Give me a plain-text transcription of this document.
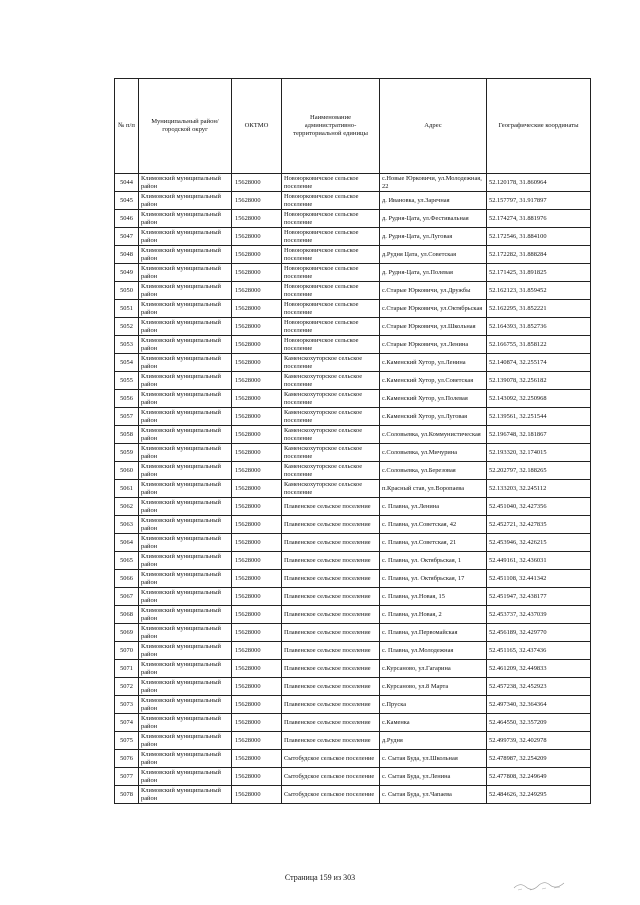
№ п/п	Муниципальный район/городской округ	ОКТМО	Наименование административно-территориальной единицы	Адрес	Географические координаты
5044	Климовский муниципальный район	15628000	Новоюрковичское сельское поселение	с.Новые Юрковичи, ул.Молодежная, 22	52.120178, 31.860964
5045	Климовский муниципальный район	15628000	Новоюрковичское сельское поселение	д. Ивановка, ул.Заречная	52.157797, 31.917897
5046	Климовский муниципальный район	15628000	Новоюрковичское сельское поселение	д. Рудня-Цата, ул.Фестивальная	52.174274, 31.881976
5047	Климовский муниципальный район	15628000	Новоюрковичское сельское поселение	д. Рудня-Цата, ул.Луговая	52.172546, 31.884100
5048	Климовский муниципальный район	15628000	Новоюрковичское сельское поселение	д.Рудня Цата, ул.Советская	52.172282, 31.888284
5049	Климовский муниципальный район	15628000	Новоюрковичское сельское поселение	д. Рудня-Цата, ул.Полевая	52.171425, 31.891825
5050	Климовский муниципальный район	15628000	Новоюрковичское сельское поселение	с.Старые Юрковичи, ул.Дружбы	52.162123, 31.859452
5051	Климовский муниципальный район	15628000	Новоюрковичское сельское поселение	с.Старые Юрковичи, ул.Октябрьская	52.162295, 31.852221
5052	Климовский муниципальный район	15628000	Новоюрковичское сельское поселение	с.Старые Юрковичи, ул.Школьная	52.164393, 31.852736
5053	Климовский муниципальный район	15628000	Новоюрковичское сельское поселение	с.Старые Юрковичи, ул.Ленина	52.166755, 31.858122
5054	Климовский муниципальный район	15628000	Каменскохуторское сельское поселение	с.Каменский Хутор, ул.Ленина	52.140874, 32.255174
5055	Климовский муниципальный район	15628000	Каменскохуторское сельское поселение	с.Каменский Хутор, ул.Советская	52.139078, 32.256182
5056	Климовский муниципальный район	15628000	Каменскохуторское сельское поселение	с.Каменский Хутор, ул.Полевая	52.143092, 32.250968
5057	Климовский муниципальный район	15628000	Каменскохуторское сельское поселение	с.Каменский Хутор, ул.Луговая	52.139561, 32.251544
5058	Климовский муниципальный район	15628000	Каменскохуторское сельское поселение	с.Соловьевка, ул.Коммунистическая	52.196748, 32.181867
5059	Климовский муниципальный район	15628000	Каменскохуторское сельское поселение	с.Соловьевка, ул.Мичурина	52.193320, 32.174015
5060	Климовский муниципальный район	15628000	Каменскохуторское сельское поселение	с.Соловьевка, ул.Березовая	52.202797, 32.188265
5061	Климовский муниципальный район	15628000	Каменскохуторское сельское поселение	п.Красный став, ул.Воропаева	52.133203, 32.245112
5062	Климовский муниципальный район	15628000	Плавенское сельское поселение	с. Плавна, ул.Ленина	52.451040, 32.427356
5063	Климовский муниципальный район	15628000	Плавенское сельское поселение	с. Плавна, ул.Советская, 42	52.452721, 32.427835
5064	Климовский муниципальный район	15628000	Плавенское сельское поселение	с. Плавна, ул.Советская, 21	52.453946, 32.426215
5065	Климовский муниципальный район	15628000	Плавенское сельское поселение	с. Плавна, ул. Октябрьская, 1	52.449161, 32.436031
5066	Климовский муниципальный район	15628000	Плавенское сельское поселение	с. Плавна, ул. Октябрьская, 17	52.451108, 32.441342
5067	Климовский муниципальный район	15628000	Плавенское сельское поселение	с. Плавна, ул.Новая, 15	52.451947, 32.438177
5068	Климовский муниципальный район	15628000	Плавенское сельское поселение	с. Плавна, ул.Новая, 2	52.453737, 32.437039
5069	Климовский муниципальный район	15628000	Плавенское сельское поселение	с. Плавна, ул.Первомайская	52.456189, 32.429770
5070	Климовский муниципальный район	15628000	Плавенское сельское поселение	с. Плавна, ул.Молодежная	52.451165, 32.437436
5071	Климовский муниципальный район	15628000	Плавенское сельское поселение	с.Курсаново, ул.Гагарина	52.461209, 32.449833
5072	Климовский муниципальный район	15628000	Плавенское сельское поселение	с.Курсаново, ул.8 Марта	52.457238, 32.452923
5073	Климовский муниципальный район	15628000	Плавенское сельское поселение	с.Пруска	52.497340, 32.364364
5074	Климовский муниципальный район	15628000	Плавенское сельское поселение	с.Каменка	52.464550, 32.357209
5075	Климовский муниципальный район	15628000	Плавенское сельское поселение	д.Рудня	52.499739, 32.402978
5076	Климовский муниципальный район	15628000	Сытобудское сельское поселение	с. Сытая Буда, ул.Школьная	52.478987, 32.254209
5077	Климовский муниципальный район	15628000	Сытобудское сельское поселение	с. Сытая Буда, ул.Ленина	52.477808, 32.249649
5078	Климовский муниципальный район	15628000	Сытобудское сельское поселение	с. Сытая Буда, ул.Чапаева	52.484626, 32.249295
Страница 159 из 303
